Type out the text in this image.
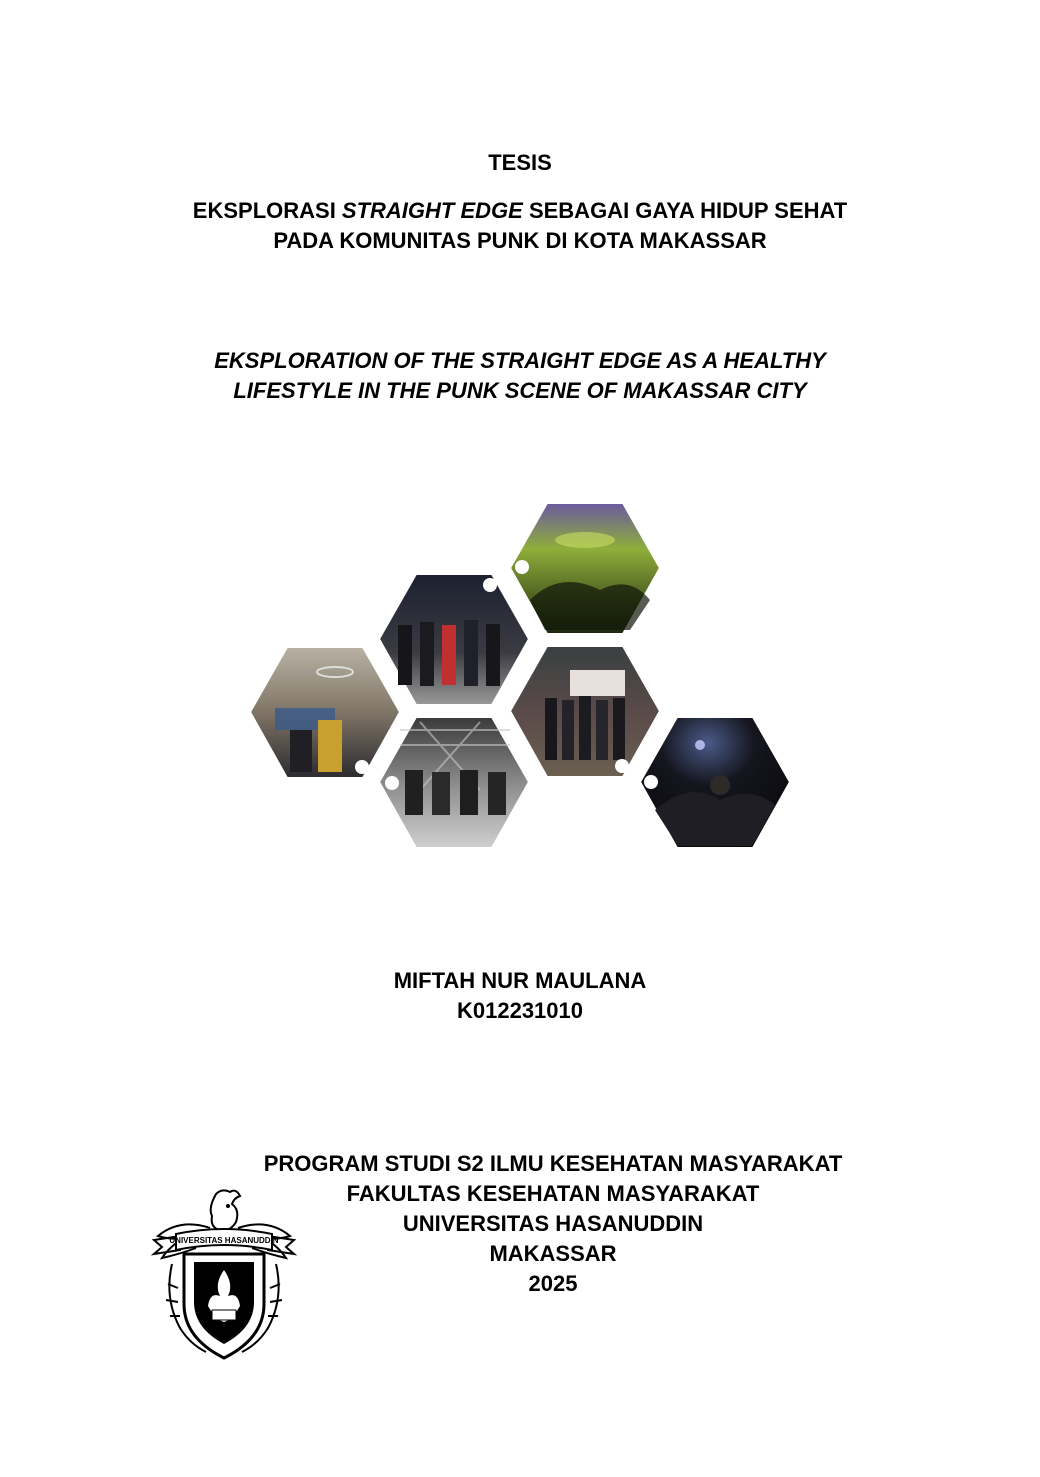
TESIS
EKSPLORASI STRAIGHT EDGE SEBAGAI GAYA HIDUP SEHAT
PADA KOMUNITAS PUNK DI KOTA MAKASSAR
EKSPLORATION OF THE STRAIGHT EDGE AS A HEALTHY
LIFESTYLE IN THE PUNK SCENE OF MAKASSAR CITY
MIFTAH NUR MAULANA
K012231010
UNIVERSITAS HASANUDDIN
PROGRAM STUDI S2 ILMU KESEHATAN MASYARAKAT
FAKULTAS KESEHATAN MASYARAKAT
UNIVERSITAS HASANUDDIN
MAKASSAR
2025
